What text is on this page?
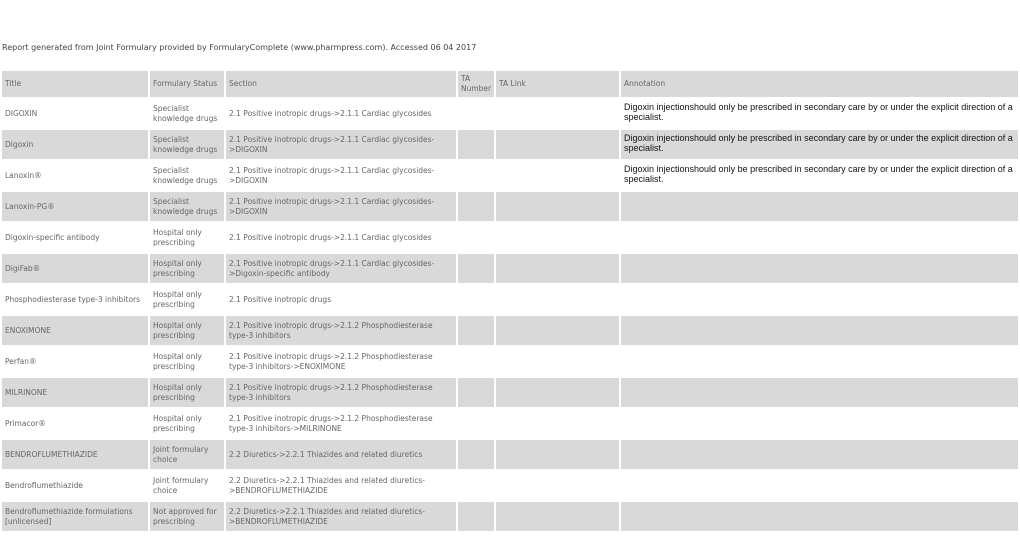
Report generated from Joint Formulary provided by FormularyComplete (www.pharmpress.com). Accessed 06 04 2017
Title	Formulary Status	Section	TA Number	TA Link	Annotation
DIGOXIN	Specialist knowledge drugs	2.1 Positive inotropic drugs->2.1.1 Cardiac glycosides			Digoxin injectionshould only be prescribed in secondary care by or under the explicit direction of a specialist.
Digoxin	Specialist knowledge drugs	2.1 Positive inotropic drugs->2.1.1 Cardiac glycosides->DIGOXIN			Digoxin injectionshould only be prescribed in secondary care by or under the explicit direction of a specialist.
Lanoxin®	Specialist knowledge drugs	2.1 Positive inotropic drugs->2.1.1 Cardiac glycosides->DIGOXIN			Digoxin injectionshould only be prescribed in secondary care by or under the explicit direction of a specialist.
Lanoxin-PG®	Specialist knowledge drugs	2.1 Positive inotropic drugs->2.1.1 Cardiac glycosides->DIGOXIN			
Digoxin-specific antibody	Hospital only prescribing	2.1 Positive inotropic drugs->2.1.1 Cardiac glycosides			
DigiFab®	Hospital only prescribing	2.1 Positive inotropic drugs->2.1.1 Cardiac glycosides->Digoxin-specific antibody			
Phosphodiesterase type-3 inhibitors	Hospital only prescribing	2.1 Positive inotropic drugs			
ENOXIMONE	Hospital only prescribing	2.1 Positive inotropic drugs->2.1.2 Phosphodiesterase type-3 inhibitors			
Perfan®	Hospital only prescribing	2.1 Positive inotropic drugs->2.1.2 Phosphodiesterase type-3 inhibitors->ENOXIMONE			
MILRINONE	Hospital only prescribing	2.1 Positive inotropic drugs->2.1.2 Phosphodiesterase type-3 inhibitors			
Primacor®	Hospital only prescribing	2.1 Positive inotropic drugs->2.1.2 Phosphodiesterase type-3 inhibitors->MILRINONE			
BENDROFLUMETHIAZIDE	Joint formulary choice	2.2 Diuretics->2.2.1 Thiazides and related diuretics			
Bendroflumethiazide	Joint formulary choice	2.2 Diuretics->2.2.1 Thiazides and related diuretics->BENDROFLUMETHIAZIDE			
Bendroflumethiazide formulations [unlicensed]	Not approved for prescribing	2.2 Diuretics->2.2.1 Thiazides and related diuretics->BENDROFLUMETHIAZIDE			
